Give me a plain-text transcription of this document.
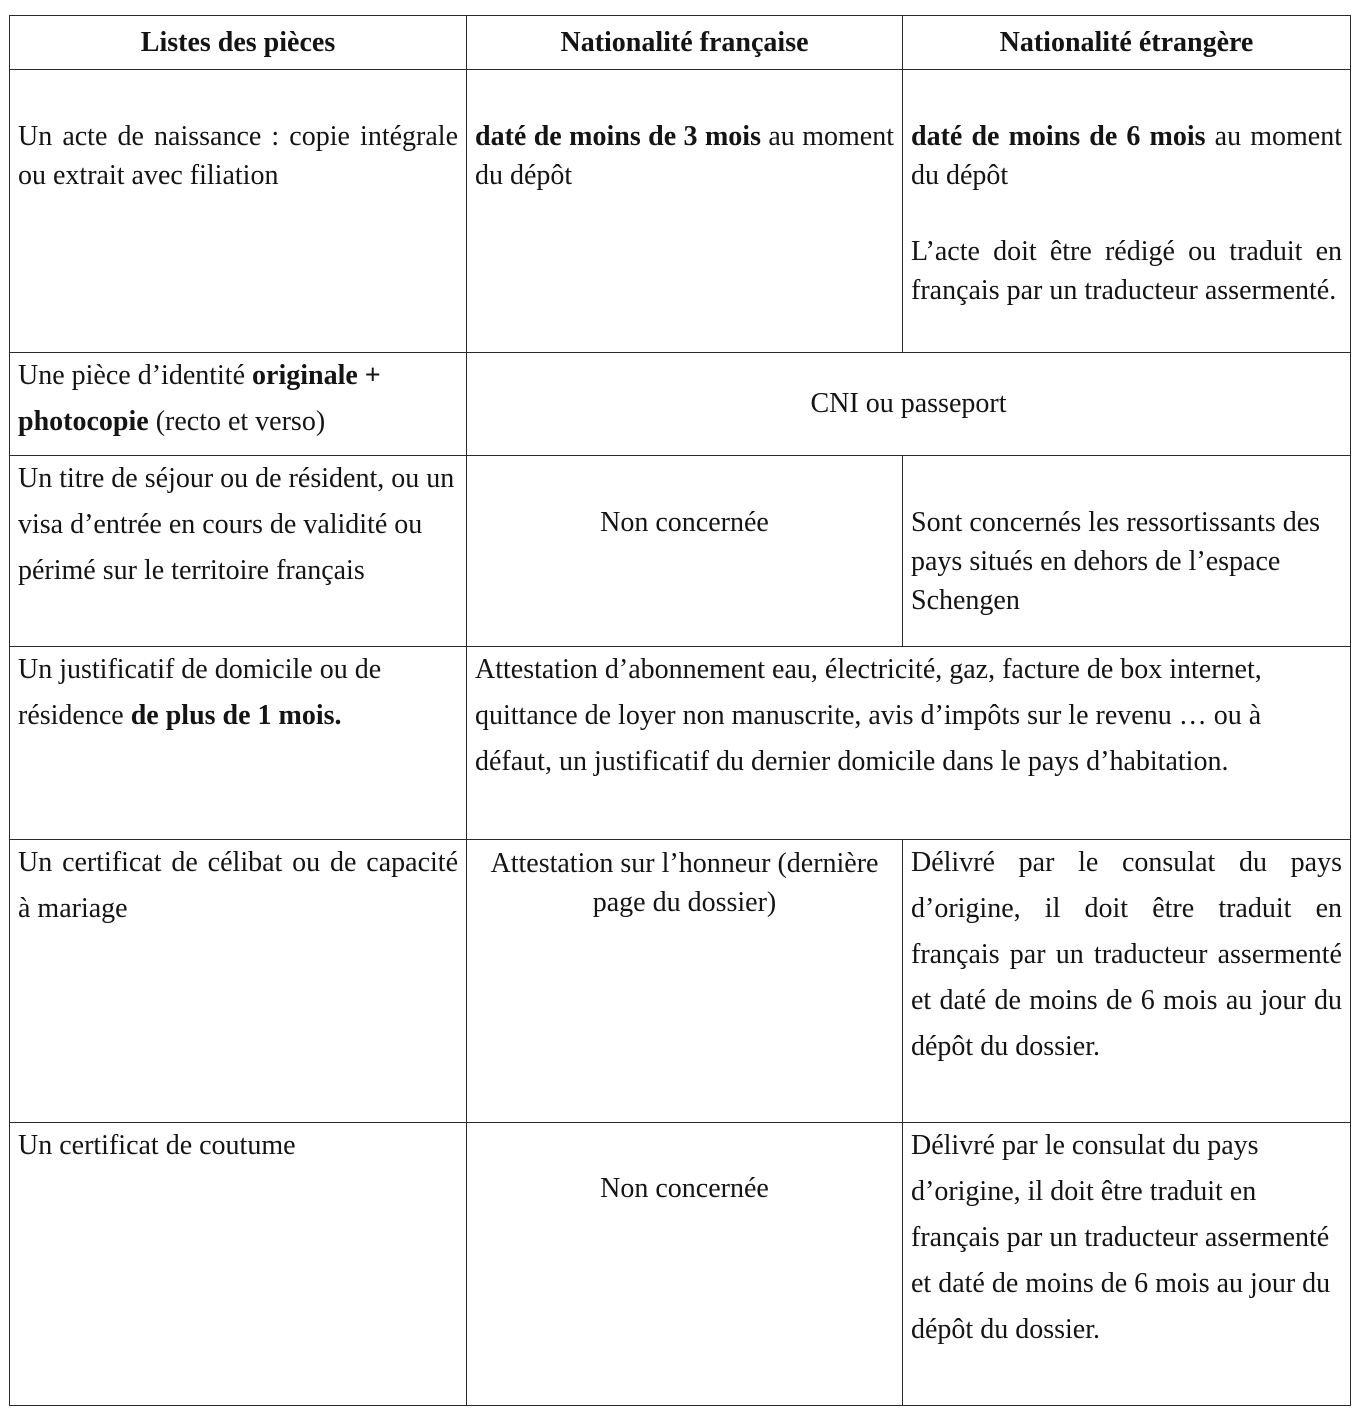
Listes des pièces	Nationalité française	Nationalité étrangère

Un acte de naissance : copie intégrale ou extrait avec filiation	daté de moins de 3 mois au moment du dépôt	daté de moins de 6 mois au moment du dépôt

L’acte doit être rédigé ou traduit en français par un traducteur assermenté.

Une pièce d’identité originale +
photocopie (recto et verso)	CNI ou passeport	
Un titre de séjour ou de résident, ou un visa d’entrée en cours de validité ou périmé sur le territoire français	Non concernée	Sont concernés les ressortissants des pays situés en dehors de l’espace Schengen

Un justificatif de domicile ou de résidence de plus de 1 mois.	Attestation d’abonnement eau, électricité, gaz, facture de box internet, quittance de loyer non manuscrite, avis d’impôts sur le revenu … ou à défaut, un justificatif du dernier domicile dans le pays d’habitation.	
Un certificat de célibat ou de capacité à mariage	Attestation sur l’honneur (dernière page du dossier)	Délivré par le consulat du pays d’origine, il doit être traduit en français par un traducteur assermenté et daté de moins de 6 mois au jour du dépôt du dossier.
Un certificat de coutume	Non concernée	Délivré par le consulat du pays d’origine, il doit être traduit en français par un traducteur assermenté et daté de moins de 6 mois au jour du dépôt du dossier.
